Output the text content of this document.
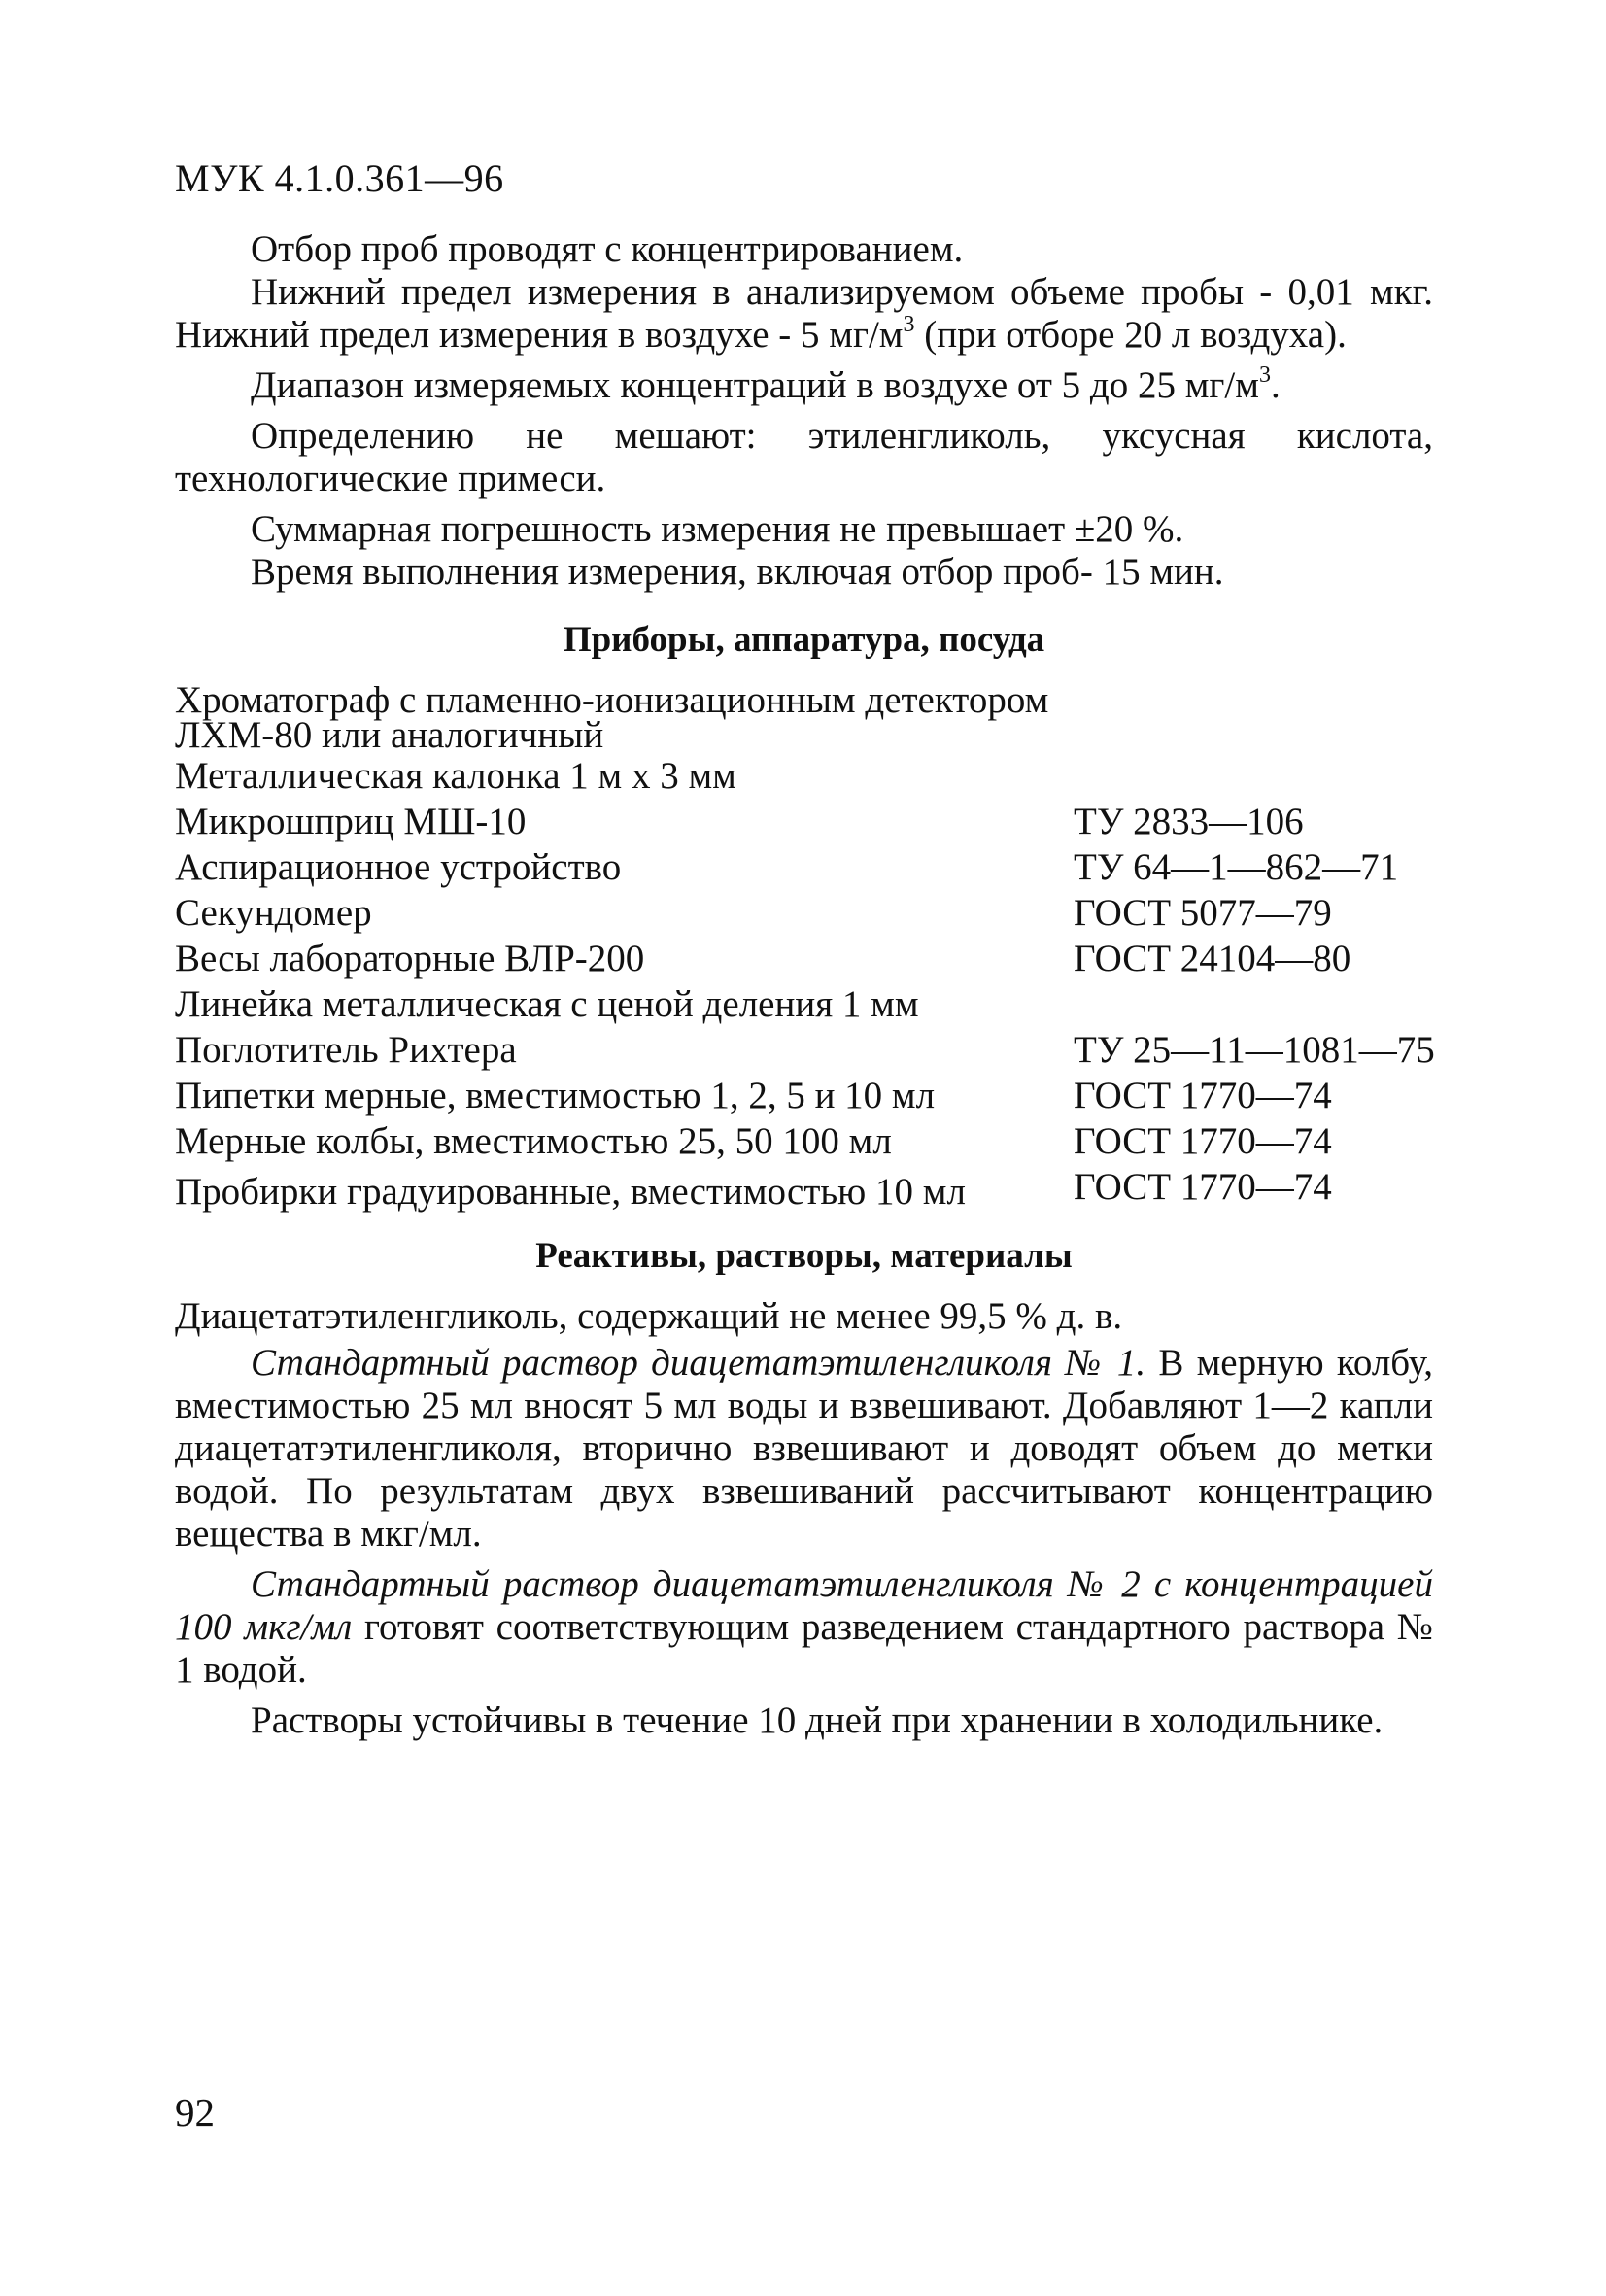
МУК 4.1.0.361—96

Отбор проб проводят с концентрированием.

Нижний предел измерения в анализируемом объеме пробы - 0,01 мкг. Нижний предел измерения в воздухе - 5 $мг/м^3$ (при отборе 20 л воздуха).

Диапазон измеряемых концентраций в воздухе от 5 до 25 $мг/м^3$.

Определению не мешают: этиленгликоль, уксусная кислота, технологические примеси.

Суммарная погрешность измерения не превышает ±20 %.

Время выполнения измерения, включая отбор проб- 15 мин.

Приборы, аппаратура, посуда
Хроматограф с пламенно-ионизационным детектором ЛХМ-80 или аналогичный	
Металлическая калонка 1 м х 3 мм	
Микрошприц МШ-10	ТУ 2833—106
Аспирационное устройство	ТУ 64—1—862—71
Секундомер	ГОСТ 5077—79
Весы лабораторные ВЛР-200	ГОСТ 24104—80
Линейка металлическая с ценой деления 1 мм	
Поглотитель Рихтера	ТУ 25—11—1081—75
Пипетки мерные, вместимостью 1, 2, 5 и 10 мл	ГОСТ 1770—74
Мерные колбы, вместимостью 25, 50 100 мл	ГОСТ 1770—74
Пробирки градуированные, вместимостью 10 мл	ГОСТ 1770—74
Реактивы, растворы, материалы

Диацетатэтиленгликоль, содержащий не менее 99,5 % д. в.

Стандартный раствор диацетатэтиленгликоля № 1. В мерную колбу, вместимостью 25 мл вносят 5 мл воды и взвешивают. Добавляют 1—2 капли диацетатэтиленгликоля, вторично взвешивают и доводят объем до метки водой. По результатам двух взвешиваний рассчитывают концентрацию вещества в мкг/мл.

Стандартный раствор диацетатэтиленгликоля № 2 с концентрацией 100 мкг/мл готовят соответствующим разведением стандартного раствора № 1 водой.

Растворы устойчивы в течение 10 дней при хранении в холодильнике.

92
